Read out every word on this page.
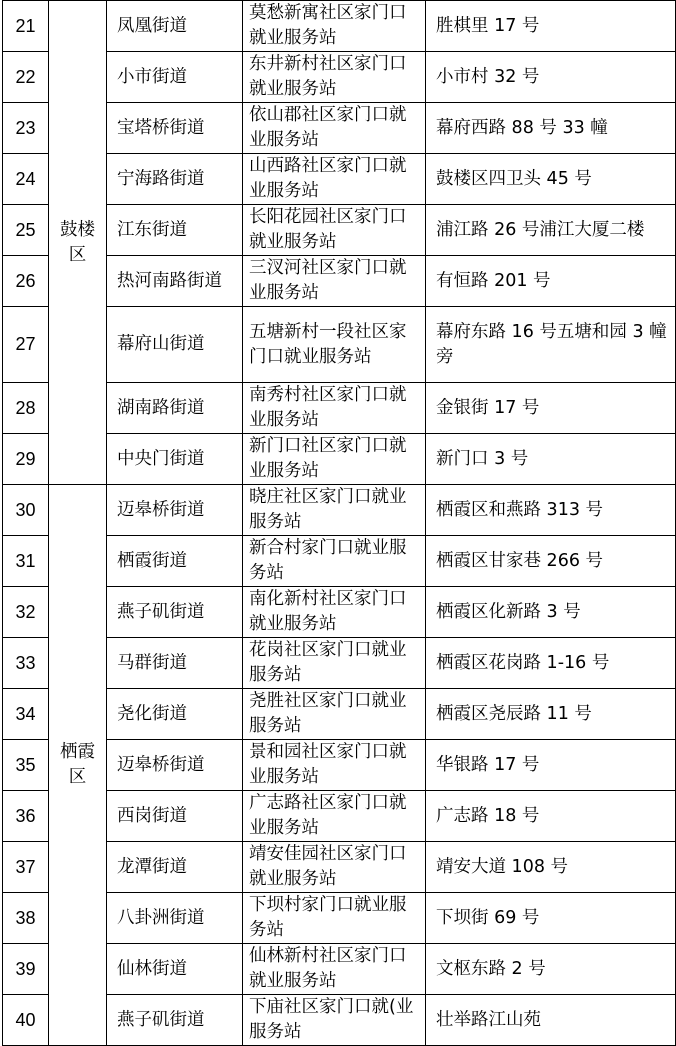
21	鼓楼区	凤凰街道	莫愁新寓社区家门口就业服务站	胜棋里 17 号
22		小市街道	东井新村社区家门口就业服务站	小市村 32 号
23		宝塔桥街道	依山郡社区家门口就业服务站	幕府西路 88 号 33 幢
24		宁海路街道	山西路社区家门口就业服务站	鼓楼区四卫头 45 号
25		江东街道	长阳花园社区家门口就业服务站	浦江路 26 号浦江大厦二楼
26		热河南路街道	三汊河社区家门口就业服务站	有恒路 201 号
27		幕府山街道	五塘新村一段社区家门口就业服务站	幕府东路 16 号五塘和园 3 幢旁
28		湖南路街道	南秀村社区家门口就业服务站	金银街 17 号
29		中央门街道	新门口社区家门口就业服务站	新门口 3 号
30	栖霞区	迈皋桥街道	晓庄社区家门口就业服务站	栖霞区和燕路 313 号
31		栖霞街道	新合村家门口就业服务站	栖霞区甘家巷 266 号
32		燕子矶街道	南化新村社区家门口就业服务站	栖霞区化新路 3 号
33		马群街道	花岗社区家门口就业服务站	栖霞区花岗路 1-16 号
34		尧化街道	尧胜社区家门口就业服务站	栖霞区尧辰路 11 号
35		迈皋桥街道	景和园社区家门口就业服务站	华银路 17 号
36		西岗街道	广志路社区家门口就业服务站	广志路 18 号
37		龙潭街道	靖安佳园社区家门口就业服务站	靖安大道 108 号
38		八卦洲街道	下坝村家门口就业服务站	下坝街 69 号
39		仙林街道	仙林新村社区家门口就业服务站	文枢东路 2 号
40		燕子矶街道	下庙社区家门口就(业服务站	壮举路江山苑
